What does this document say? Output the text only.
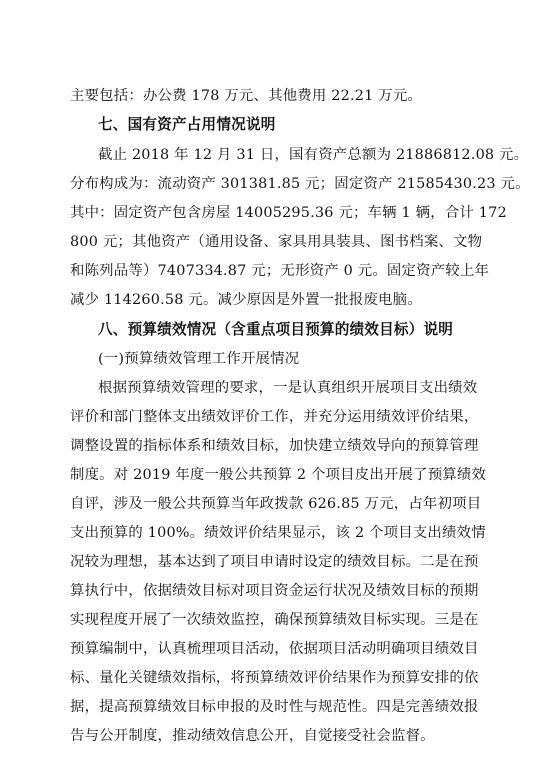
主要包括：办公费 178 万元、其他费用 22.21 万元。
七、国有资产占用情况说明
截止 2018 年 12 月 31 日，国有资产总额为 21886812.08 元。
分布构成为：流动资产 301381.85 元；固定资产 21585430.23 元。
其中：固定资产包含房屋 14005295.36 元；车辆 1 辆，合计 172
800 元；其他资产（通用设备、家具用具装具、图书档案、文物
和陈列品等）7407334.87 元；无形资产 0 元。固定资产较上年
减少 114260.58 元。减少原因是外置一批报废电脑。
八、预算绩效情况（含重点项目预算的绩效目标）说明
(一)预算绩效管理工作开展情况
根据预算绩效管理的要求，一是认真组织开展项目支出绩效
评价和部门整体支出绩效评价工作，并充分运用绩效评价结果，
调整设置的指标体系和绩效目标，加快建立绩效导向的预算管理
制度。对 2019 年度一般公共预算 2 个项目皮出开展了预算绩效
自评，涉及一般公共预算当年政拨款 626.85 万元，占年初项目
支出预算的 100%。绩效评价结果显示，该 2 个项目支出绩效情
况较为理想，基本达到了项目申请时设定的绩效目标。二是在预
算执行中，依据绩效目标对项目资金运行状况及绩效目标的预期
实现程度开展了一次绩效监控，确保预算绩效目标实现。三是在
预算编制中，认真梳理项目活动，依据项目活动明确项目绩效目
标、量化关键绩效指标，将预算绩效评价结果作为预算安排的依
据，提高预算绩效目标申报的及时性与规范性。四是完善绩效报
告与公开制度，推动绩效信息公开，自觉接受社会监督。
